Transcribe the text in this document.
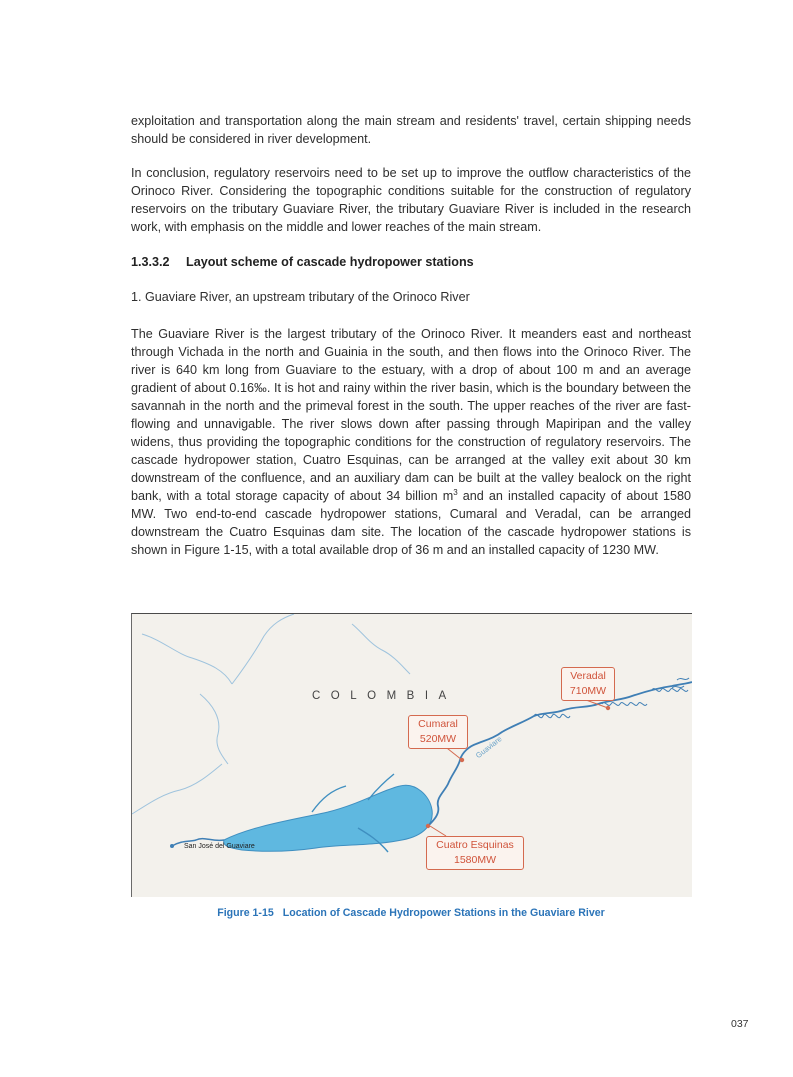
exploitation and transportation along the main stream and residents' travel, certain shipping needs should be considered in river development.

In conclusion, regulatory reservoirs need to be set up to improve the outflow characteristics of the Orinoco River. Considering the topographic conditions suitable for the construction of regulatory reservoirs on the tributary Guaviare River, the tributary Guaviare River is included in the research work, with emphasis on the middle and lower reaches of the main stream.

1.3.3.2 Layout scheme of cascade hydropower stations

1. Guaviare River, an upstream tributary of the Orinoco River

The Guaviare River is the largest tributary of the Orinoco River. It meanders east and northeast through Vichada in the north and Guainia in the south, and then flows into the Orinoco River. The river is 640 km long from Guaviare to the estuary, with a drop of about 100 m and an average gradient of about 0.16‰. It is hot and rainy within the river basin, which is the boundary between the savannah in the north and the primeval forest in the south. The upper reaches of the river are fast-flowing and unnavigable. The river slows down after passing through Mapiripan and the valley widens, thus providing the topographic conditions for the construction of regulatory reservoirs. The cascade hydropower station, Cuatro Esquinas, can be arranged at the valley exit about 30 km downstream of the confluence, and an auxiliary dam can be built at the valley bealock on the right bank, with a total storage capacity of about 34 billion $m^3$ and an installed capacity of about 1580 MW. Two end-to-end cascade hydropower stations, Cumaral and Veradal, can be arranged downstream the Cuatro Esquinas dam site. The location of the cascade hydropower stations is shown in Figure 1-15, with a total available drop of 36 m and an installed capacity of 1230 MW.

COLOMBIA
Guaviare
San José del Guaviare
Veradal
710MW
Cumaral
520MW
Cuatro Esquinas
1580MW

Figure 1-15 Location of Cascade Hydropower Stations in the Guaviare River

037
